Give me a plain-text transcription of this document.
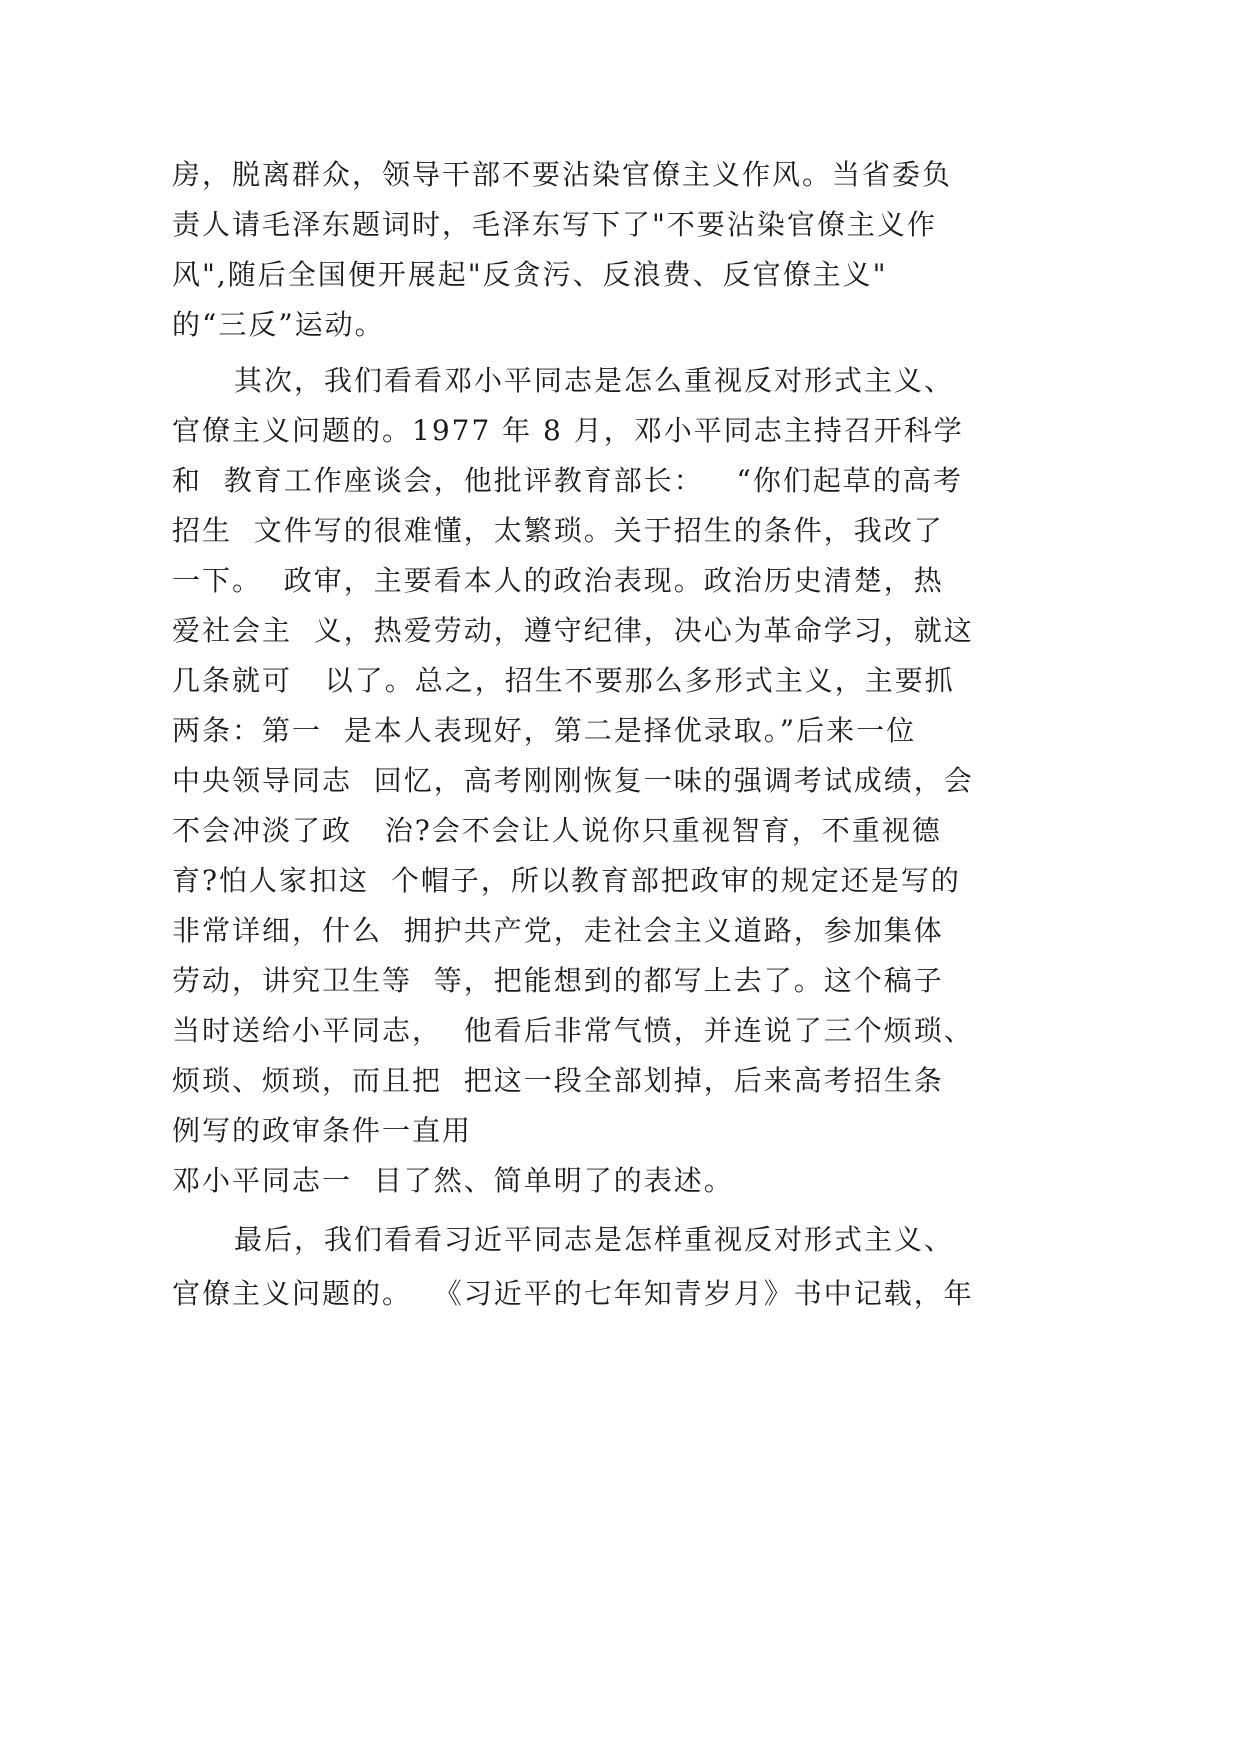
房，脱离群众，领导干部不要沾染官僚主义作风。当省委负
责人请毛泽东题词时，毛泽东写下了"不要沾染官僚主义作
风",随后全国便开展起"反贪污、反浪费、反官僚主义"
的“三反”运动。
其次，我们看看邓小平同志是怎么重视反对形式主义、
官僚主义问题的。1977 年 8 月，邓小平同志主持召开科学
和  教育工作座谈会，他批评教育部长：   “你们起草的高考
招生  文件写的很难懂，太繁琐。关于招生的条件，我改了
一下。  政审，主要看本人的政治表现。政治历史清楚，热
爱社会主  义，热爱劳动，遵守纪律，决心为革命学习，就这
几条就可   以了。总之，招生不要那么多形式主义，主要抓
两条：第一  是本人表现好，第二是择优录取。”后来一位
中央领导同志  回忆，高考刚刚恢复一味的强调考试成绩，会
不会冲淡了政   治?会不会让人说你只重视智育，不重视德
育?怕人家扣这  个帽子，所以教育部把政审的规定还是写的
非常详细，什么  拥护共产党，走社会主义道路，参加集体
劳动，讲究卫生等  等，把能想到的都写上去了。这个稿子
当时送给小平同志，  他看后非常气愤，并连说了三个烦琐、
烦琐、烦琐，而且把  把这一段全部划掉，后来高考招生条
例写的政审条件一直用
邓小平同志一  目了然、简单明了的表述。
最后，我们看看习近平同志是怎样重视反对形式主义、
官僚主义问题的。  《习近平的七年知青岁月》书中记载，年
